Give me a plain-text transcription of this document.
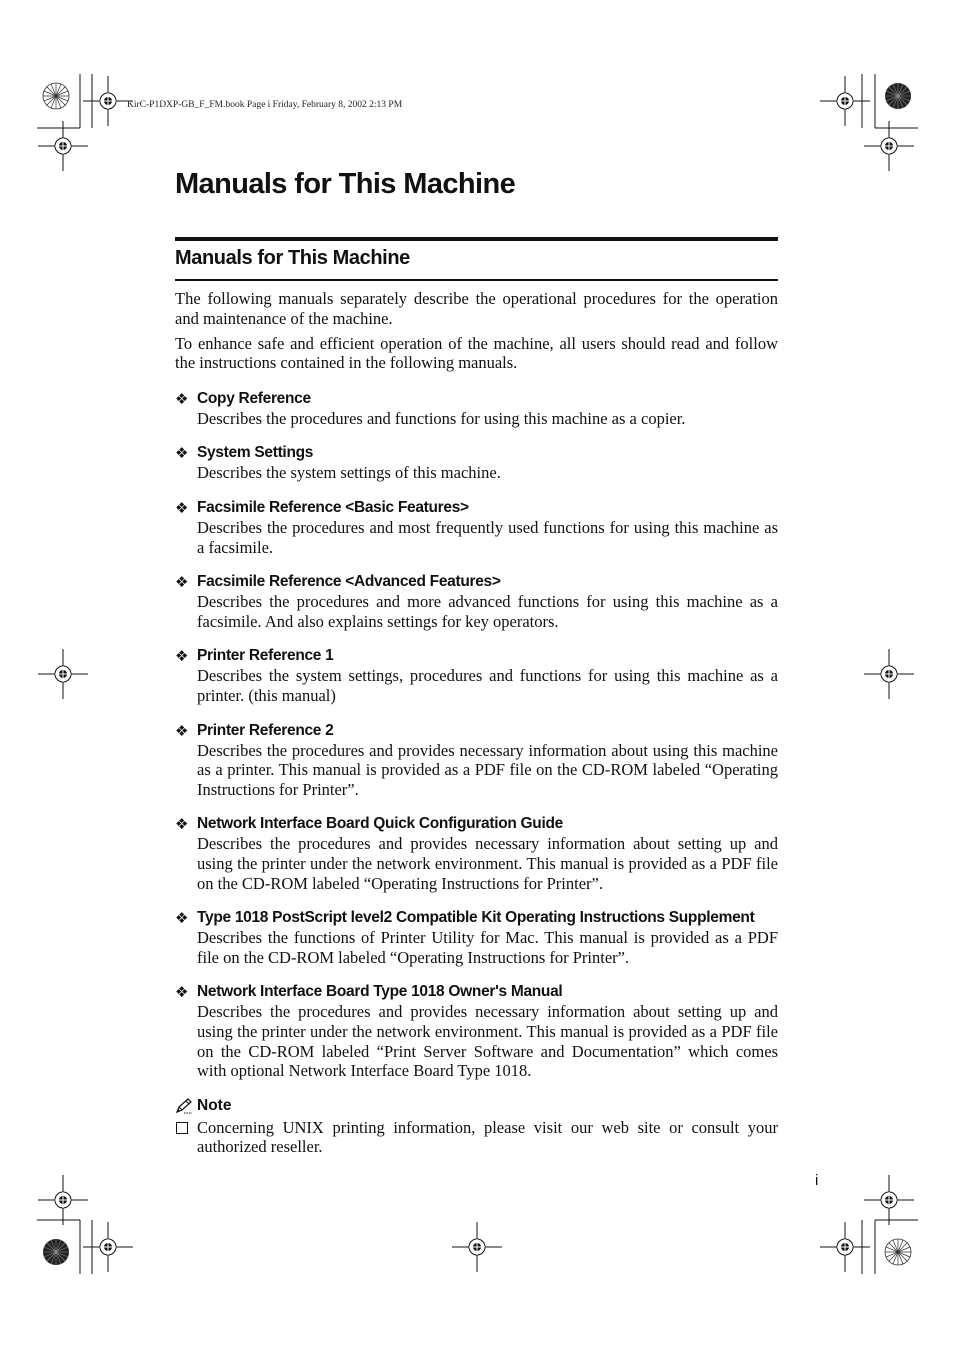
KirC-P1DXP-GB_F_FM.book Page i Friday, February 8, 2002 2:13 PM
Manuals for This Machine
Manuals for This Machine

The following manuals separately describe the operational procedures for the operation and maintenance of the machine.

To enhance safe and efficient operation of the machine, all users should read and follow the instructions contained in the following manuals.

❖ Copy Reference
Describes the procedures and functions for using this machine as a copier.
❖ System Settings
Describes the system settings of this machine.
❖ Facsimile Reference <Basic Features>
Describes the procedures and most frequently used functions for using this machine as a facsimile.
❖ Facsimile Reference <Advanced Features>
Describes the procedures and more advanced functions for using this machine as a facsimile. And also explains settings for key operators.
❖ Printer Reference 1
Describes the system settings, procedures and functions for using this machine as a printer. (this manual)
❖ Printer Reference 2
Describes the procedures and provides necessary information about using this machine as a printer. This manual is provided as a PDF file on the CD-ROM labeled “Operating Instructions for Printer”.
❖ Network Interface Board Quick Configuration Guide
Describes the procedures and provides necessary information about setting up and using the printer under the network environment. This manual is provided as a PDF file on the CD-ROM labeled “Operating Instructions for Printer”.
❖ Type 1018 PostScript level2 Compatible Kit Operating Instructions Supplement
Describes the functions of Printer Utility for Mac. This manual is provided as a PDF file on the CD-ROM labeled “Operating Instructions for Printer”.
❖ Network Interface Board Type 1018 Owner's Manual
Describes the procedures and provides necessary information about setting up and using the printer under the network environment. This manual is provided as a PDF file on the CD-ROM labeled “Print Server Software and Documentation” which comes with optional Network Interface Board Type 1018.
Note
Concerning UNIX printing information, please visit our web site or consult your authorized reseller.
i
